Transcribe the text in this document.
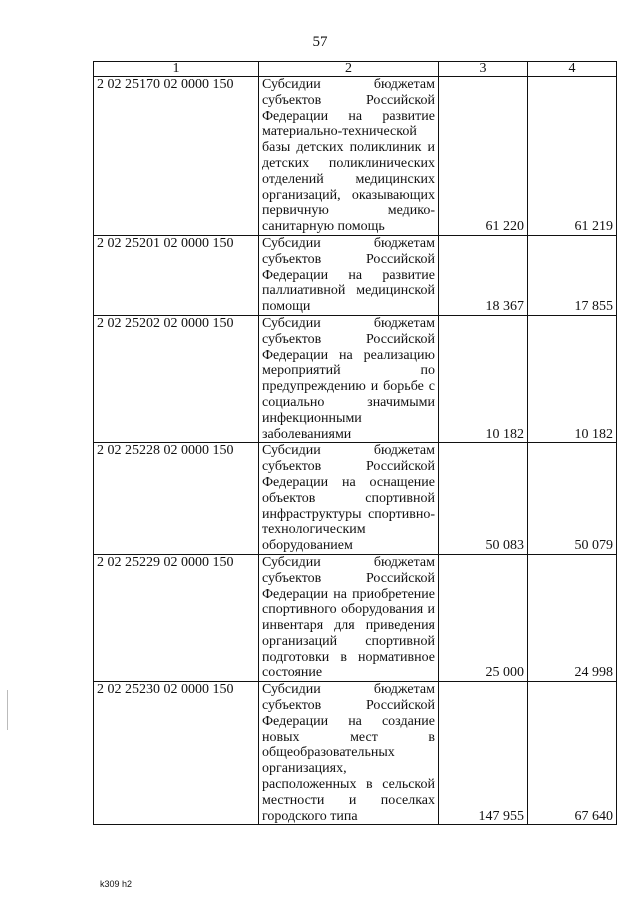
57
1	2	3	4
2 02 25170 02 0000 150	Субсидии бюджетам субъектов Российской Федерации на развитие материально-технической базы детских поликлиник и детских поликлинических отделений медицинских организаций, оказывающих первичную медико-санитарную помощь	61 220	61 219
2 02 25201 02 0000 150	Субсидии бюджетам субъектов Российской Федерации на развитие паллиативной медицинской помощи	18 367	17 855
2 02 25202 02 0000 150	Субсидии бюджетам субъектов Российской Федерации на реализацию мероприятий по предупреждению и борьбе с социально значимыми инфекционными заболеваниями	10 182	10 182
2 02 25228 02 0000 150	Субсидии бюджетам субъектов Российской Федерации на оснащение объектов спортивной инфраструктуры спортивно-технологическим оборудованием	50 083	50 079
2 02 25229 02 0000 150	Субсидии бюджетам субъектов Российской Федерации на приобретение спортивного оборудования и инвентаря для приведения организаций спортивной подготовки в нормативное состояние	25 000	24 998
2 02 25230 02 0000 150	Субсидии бюджетам субъектов Российской Федерации на создание новых мест в общеобразовательных организациях, расположенных в сельской местности и поселках городского типа	147 955	67 640
k309 h2
